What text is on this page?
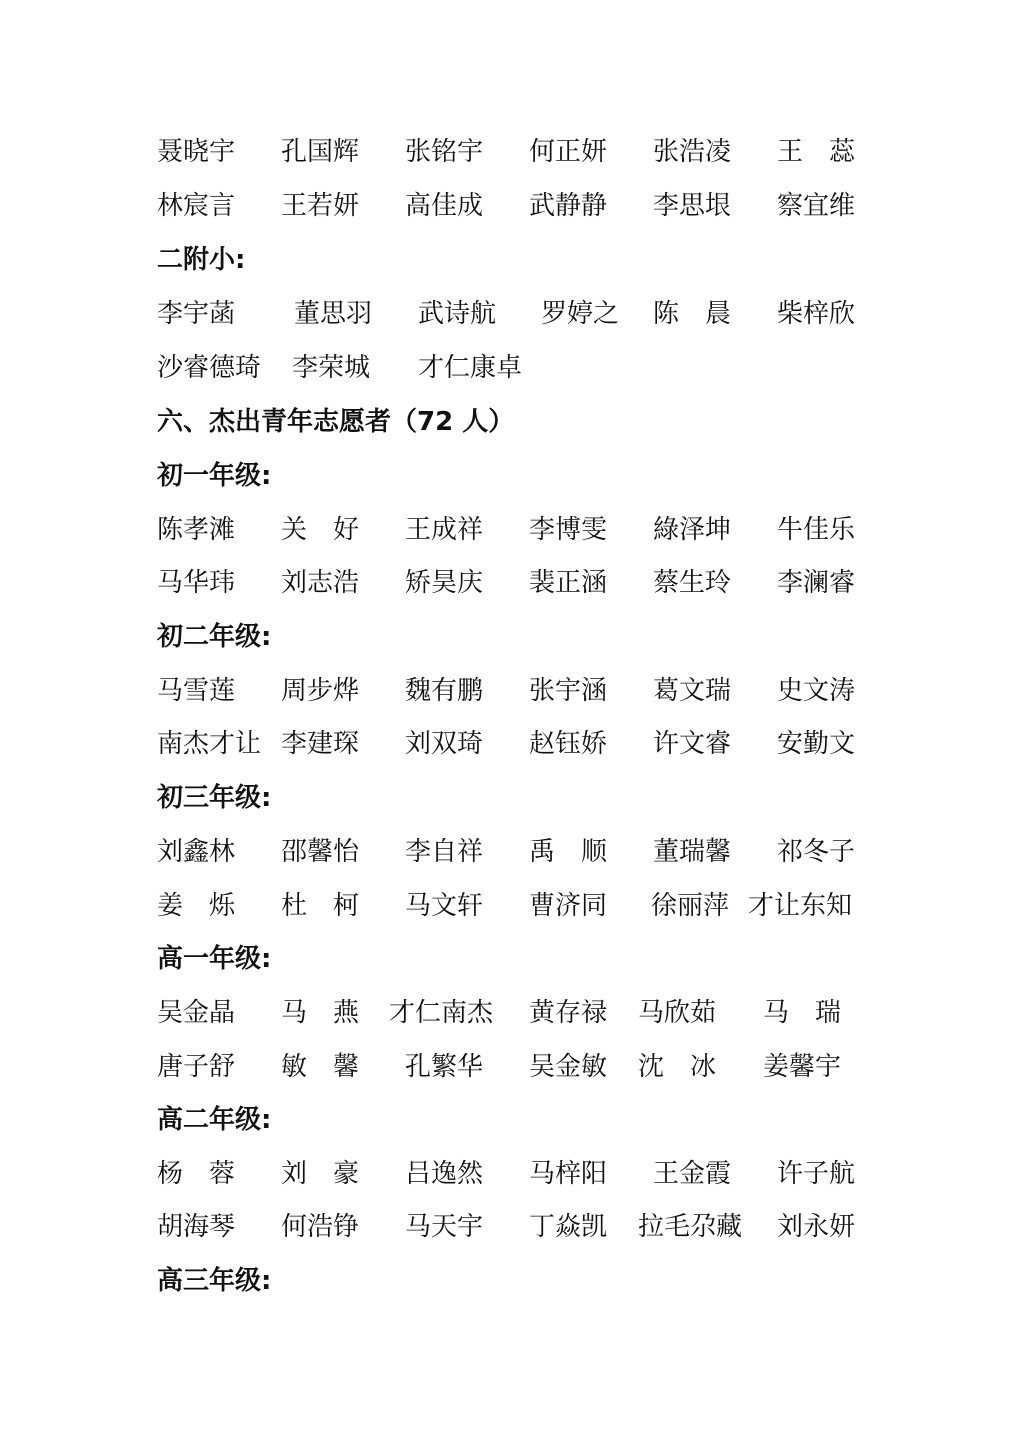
聂晓宇 孔国辉 张铭宇 何正妍 张浩凌 王　蕊
林宸言 王若妍 高佳成 武静静 李思垠 察宜维
二附小:
李宇菡 董思羽 武诗航 罗婷之 陈　晨 柴梓欣
沙睿德琦 李荣城 才仁康卓
六、杰出青年志愿者（72 人）
初一年级:
陈孝滩 关　好 王成祥 李博雯 綠泽坤 牛佳乐
马华玮 刘志浩 矫昊庆 裴正涵 蔡生玲 李澜睿
初二年级:
马雪莲 周步烨 魏有鹏 张宇涵 葛文瑞 史文涛
南杰才让 李建琛 刘双琦 赵钰娇 许文睿 安勤文
初三年级:
刘鑫林 邵馨怡 李自祥 禹　顺 董瑞馨 祁冬子
姜　烁 杜　柯 马文轩 曹济同 徐丽萍 才让东知
高一年级:
吴金晶 马　燕 才仁南杰 黄存禄 马欣茹 马　瑞
唐子舒 敏　馨 孔繁华 吴金敏 沈　冰 姜馨宇
高二年级:
杨　蓉 刘　豪 吕逸然 马梓阳 王金霞 许子航
胡海琴 何浩铮 马天宇 丁焱凯 拉毛尕藏 刘永妍
高三年级:
